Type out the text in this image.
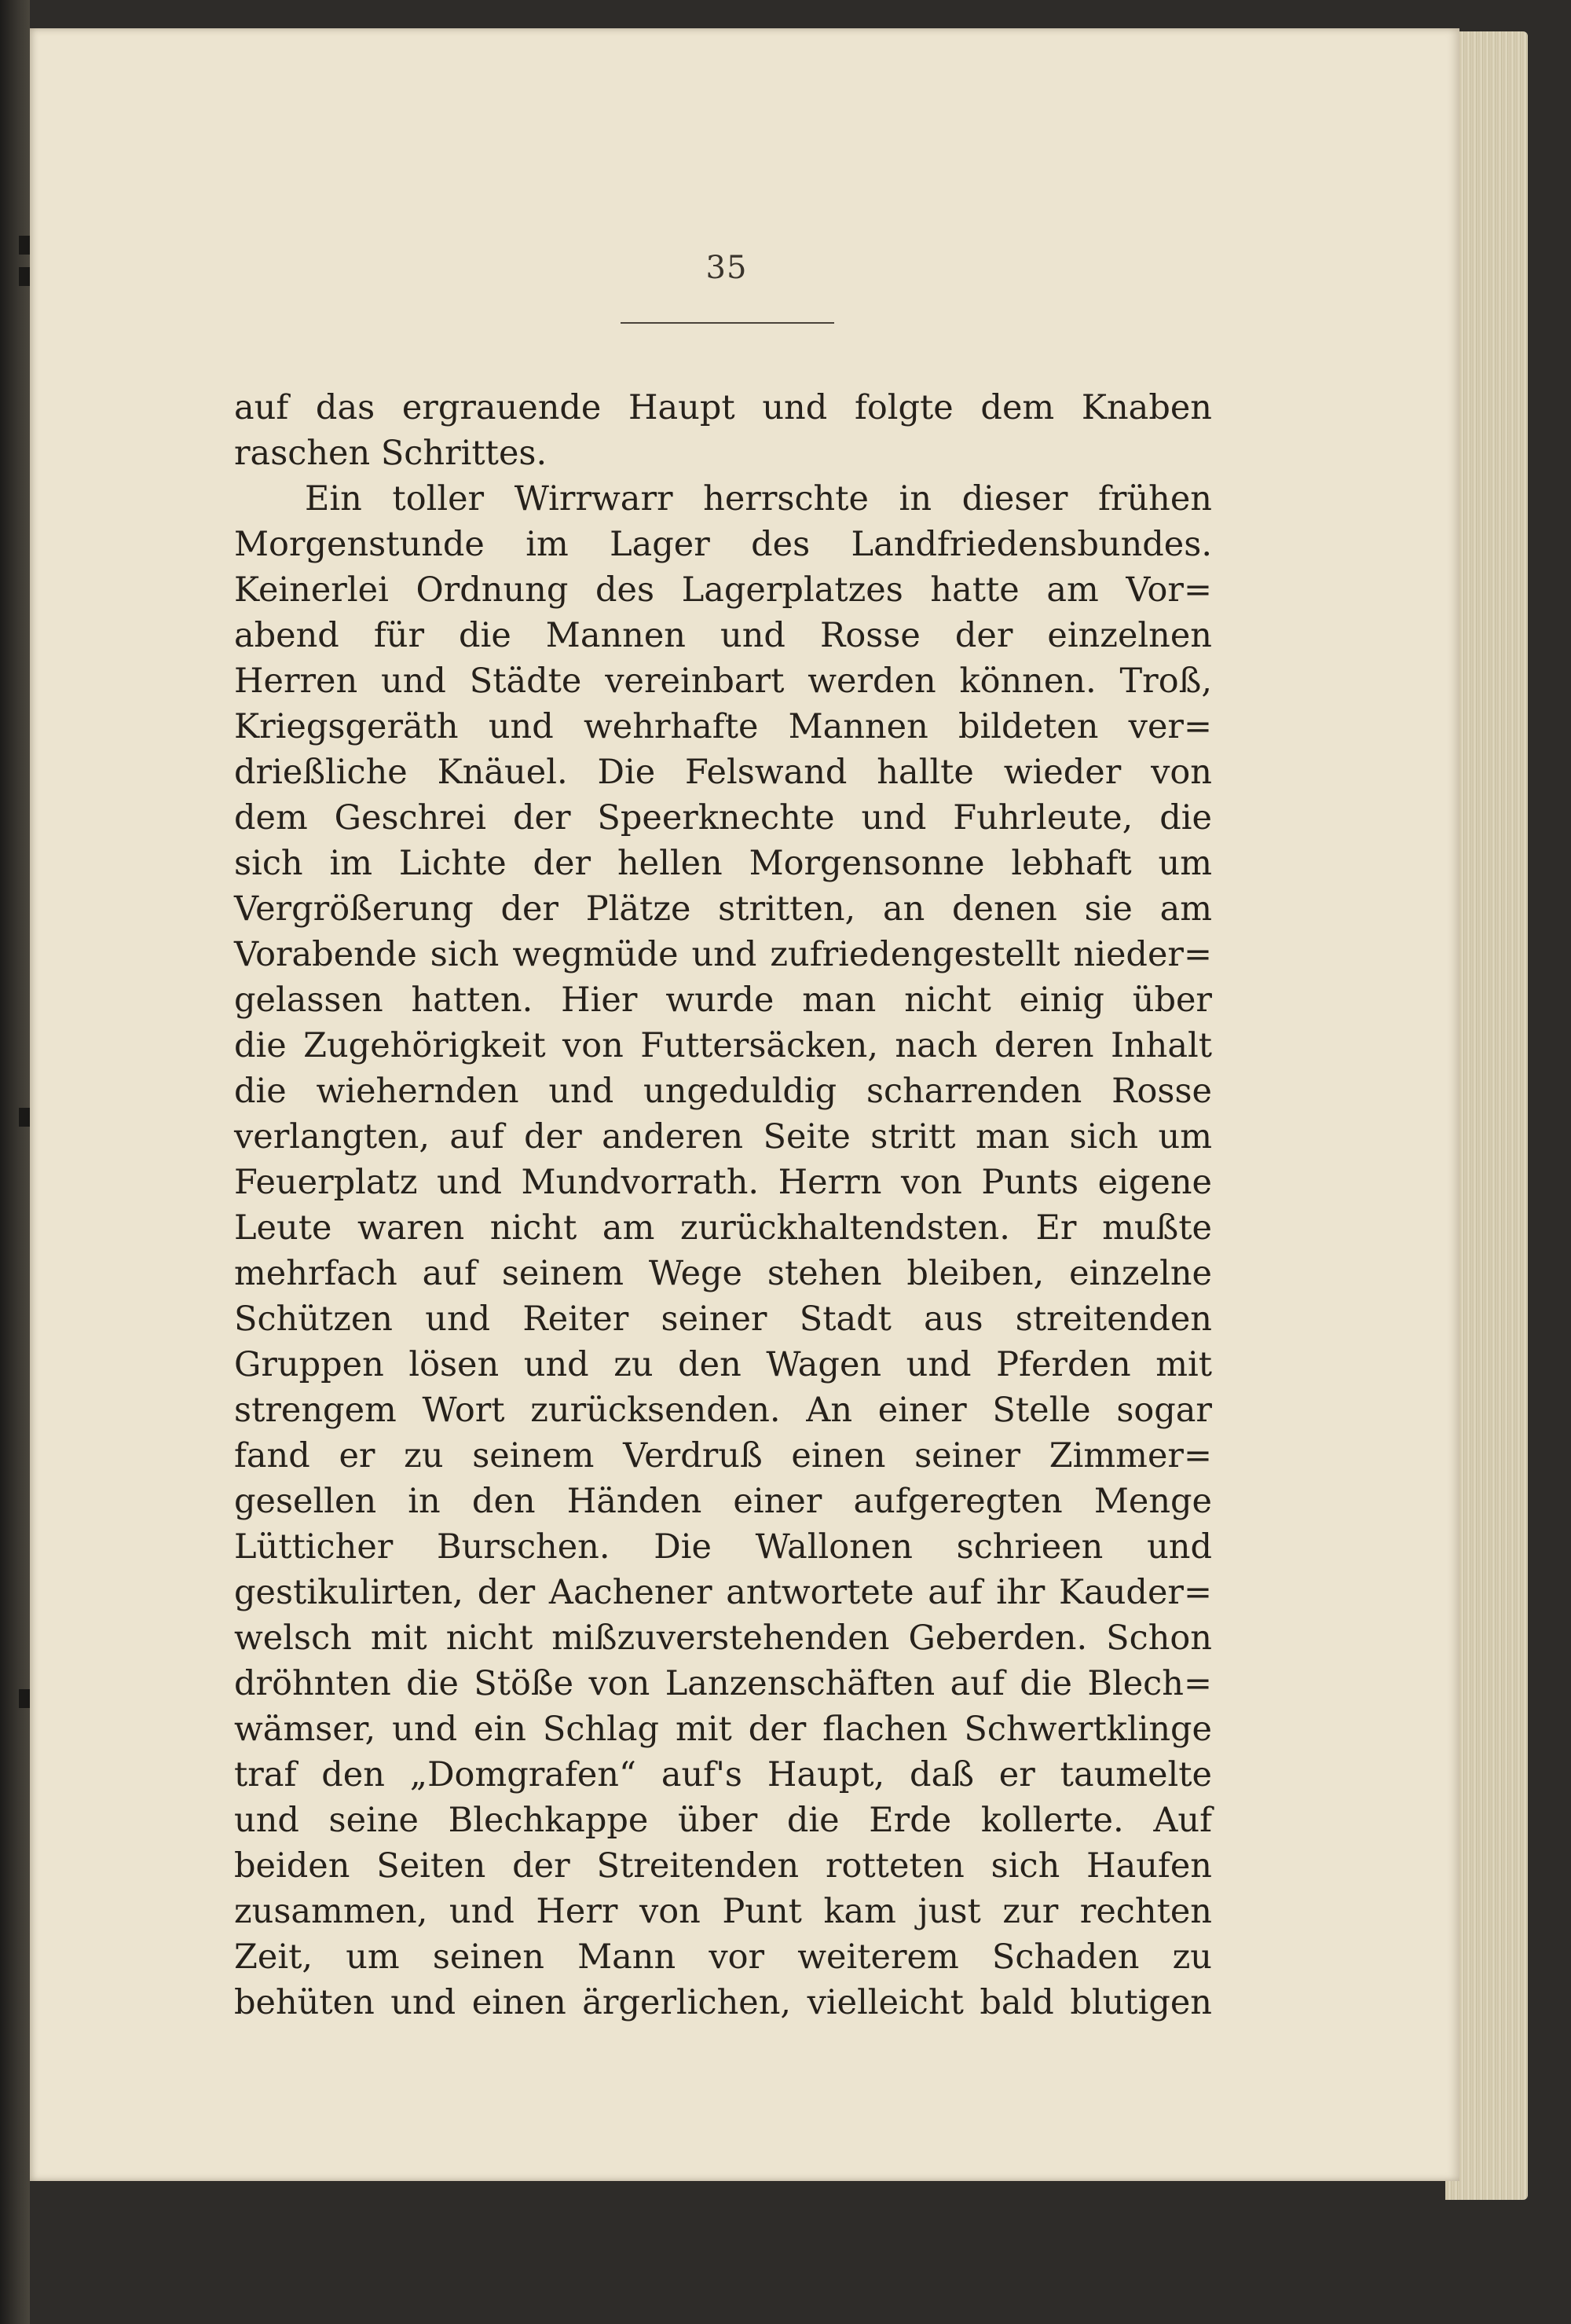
35
auf das ergrauende Haupt und folgte dem Knaben
raschen Schrittes.
Ein toller Wirrwarr herrschte in dieser frühen
Morgenstunde im Lager des Landfriedensbundes.
Keinerlei Ordnung des Lagerplatzes hatte am Vor=
abend für die Mannen und Rosse der einzelnen
Herren und Städte vereinbart werden können. Troß,
Kriegsgeräth und wehrhafte Mannen bildeten ver=
drießliche Knäuel. Die Felswand hallte wieder von
dem Geschrei der Speerknechte und Fuhrleute, die
sich im Lichte der hellen Morgensonne lebhaft um
Vergrößerung der Plätze stritten, an denen sie am
Vorabende sich wegmüde und zufriedengestellt nieder=
gelassen hatten. Hier wurde man nicht einig über
die Zugehörigkeit von Futtersäcken, nach deren Inhalt
die wiehernden und ungeduldig scharrenden Rosse
verlangten, auf der anderen Seite stritt man sich um
Feuerplatz und Mundvorrath. Herrn von Punts eigene
Leute waren nicht am zurückhaltendsten. Er mußte
mehrfach auf seinem Wege stehen bleiben, einzelne
Schützen und Reiter seiner Stadt aus streitenden
Gruppen lösen und zu den Wagen und Pferden mit
strengem Wort zurücksenden. An einer Stelle sogar
fand er zu seinem Verdruß einen seiner Zimmer=
gesellen in den Händen einer aufgeregten Menge
Lütticher Burschen. Die Wallonen schrieen und
gestikulirten, der Aachener antwortete auf ihr Kauder=
welsch mit nicht mißzuverstehenden Geberden. Schon
dröhnten die Stöße von Lanzenschäften auf die Blech=
wämser, und ein Schlag mit der flachen Schwertklinge
traf den „Domgrafen“ auf's Haupt, daß er taumelte
und seine Blechkappe über die Erde kollerte. Auf
beiden Seiten der Streitenden rotteten sich Haufen
zusammen, und Herr von Punt kam just zur rechten
Zeit, um seinen Mann vor weiterem Schaden zu
behüten und einen ärgerlichen, vielleicht bald blutigen
